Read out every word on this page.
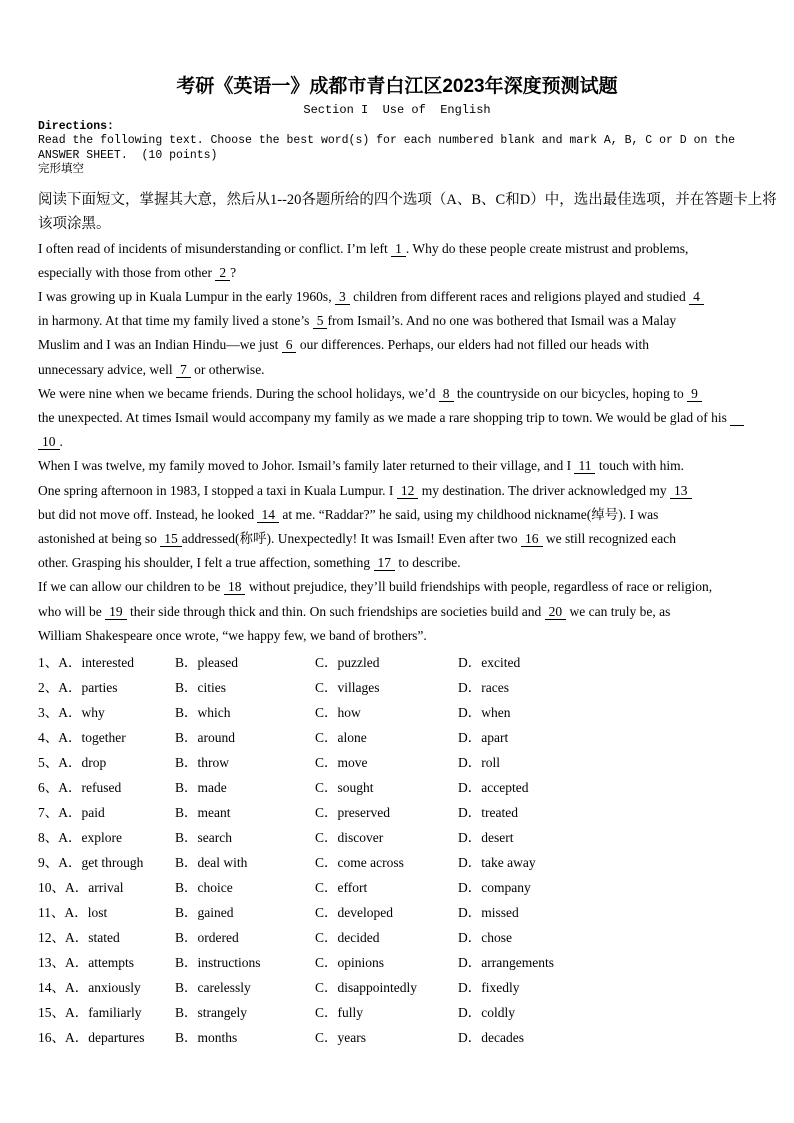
考研《英语一》成都市青白江区2023年深度预测试题
Section I  Use of  English
Directions:
Read the following text. Choose the best word(s) for each numbered blank and mark A, B, C or D on the
ANSWER SHEET.  (10 points)
完形填空
阅读下面短文，掌握其大意，然后从1--20各题所给的四个选项（A、B、C和D）中，选出最佳选项，并在答题卡上将
该项涂黑。
I often read of incidents of misunderstanding or conflict. I’m left 1 . Why do these people create mistrust and problems,
especially with those from other 2 ?
I was growing up in Kuala Lumpur in the early 1960s, 3 children from different races and religions played and studied 4
in harmony. At that time my family lived a stone’s 5 from Ismail’s. And no one was bothered that Ismail was a Malay
Muslim and I was an Indian Hindu—we just 6 our differences. Perhaps, our elders had not filled our heads with
unnecessary advice, well 7 or otherwise.
We were nine when we became friends. During the school holidays, we’d 8 the countryside on our bicycles, hoping to 9
the unexpected. At times Ismail would accompany my family as we made a rare shopping trip to town. We would be glad of his
10 .
When I was twelve, my family moved to Johor. Ismail’s family later returned to their village, and I 11 touch with him.
One spring afternoon in 1983, I stopped a taxi in Kuala Lumpur. I 12 my destination. The driver acknowledged my 13
but did not move off. Instead, he looked 14 at me. “Raddar?” he said, using my childhood nickname(绰号). I was
astonished at being so 15 addressed(称呼). Unexpectedly! It was Ismail! Even after two 16 we still recognized each
other. Grasping his shoulder, I felt a true affection, something 17 to describe.
If we can allow our children to be 18 without prejudice, they’ll build friendships with people, regardless of race or religion,
who will be 19 their side through thick and thin. On such friendships are societies build and 20 we can truly be, as
William Shakespeare once wrote, “we happy few, we band of brothers”.
1、A．interested	B．pleased	C．puzzled	D．excited
2、A．parties	B．cities	C．villages	D．races
3、A．why	B．which	C．how	D．when
4、A．together	B．around	C．alone	D．apart
5、A．drop	B．throw	C．move	D．roll
6、A．refused	B．made	C．sought	D．accepted
7、A．paid	B．meant	C．preserved	D．treated
8、A．explore	B．search	C．discover	D．desert
9、A．get through	B．deal with	C．come across	D．take away
10、A．arrival	B．choice	C．effort	D．company
11、A．lost	B．gained	C．developed	D．missed
12、A．stated	B．ordered	C．decided	D．chose
13、A．attempts	B．instructions	C．opinions	D．arrangements
14、A．anxiously	B．carelessly	C．disappointedly	D．fixedly
15、A．familiarly	B．strangely	C．fully	D．coldly
16、A．departures	B．months	C．years	D．decades
